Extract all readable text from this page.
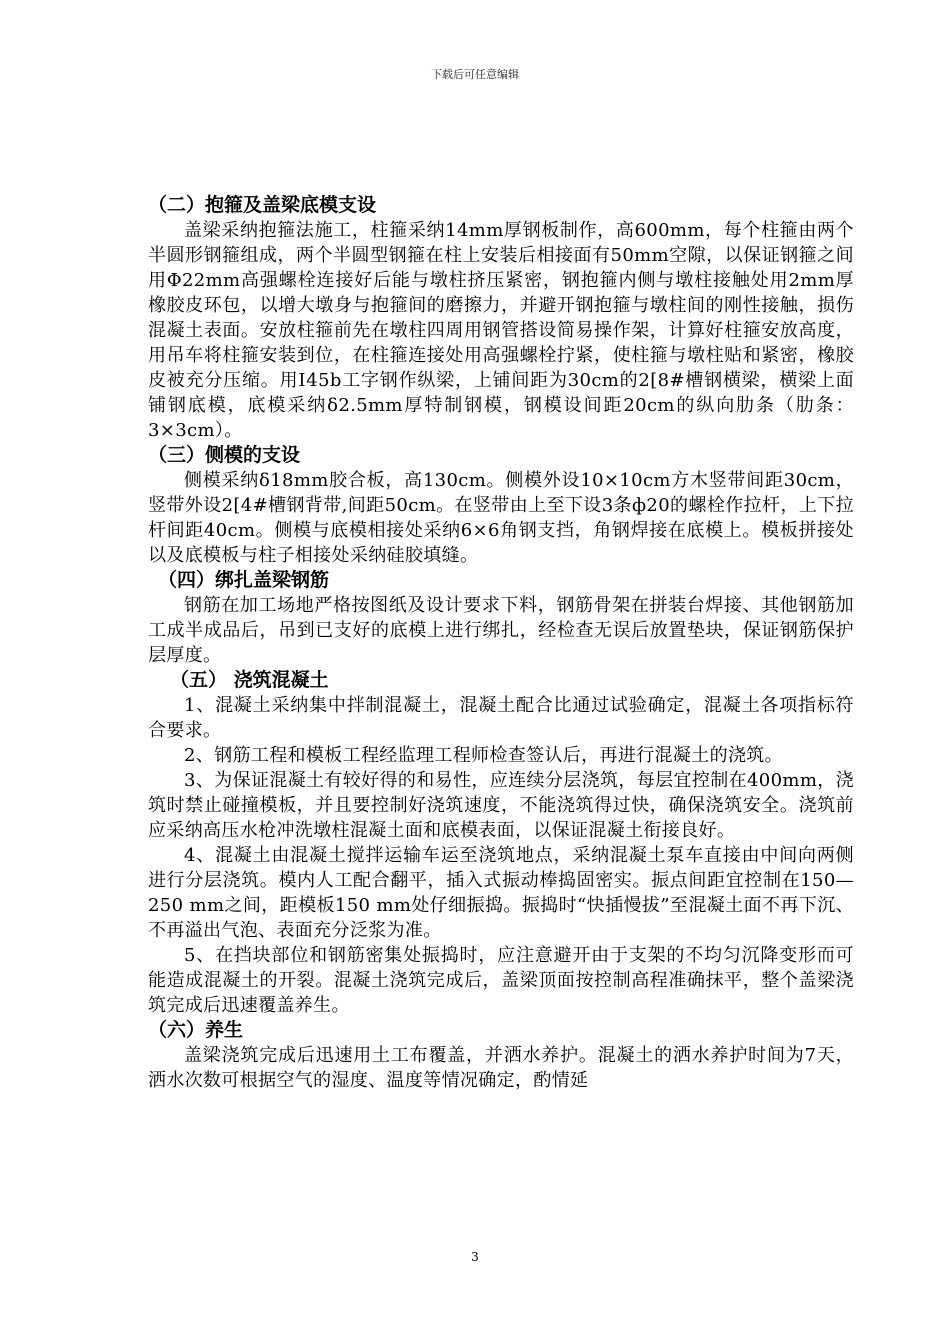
下载后可任意编辑
（二）抱箍及盖梁底模支设

盖梁采纳抱箍法施工，柱箍采纳14mm厚钢板制作，高600mm，每个柱箍由两个半圆形钢箍组成，两个半圆型钢箍在柱上安装后相接面有50mm空隙，以保证钢箍之间用Φ22mm高强螺栓连接好后能与墩柱挤压紧密，钢抱箍内侧与墩柱接触处用2mm厚橡胶皮环包，以增大墩身与抱箍间的磨擦力，并避开钢抱箍与墩柱间的刚性接触，损伤混凝土表面。安放柱箍前先在墩柱四周用钢管搭设简易操作架，计算好柱箍安放高度，用吊车将柱箍安装到位，在柱箍连接处用高强螺栓拧紧，使柱箍与墩柱贴和紧密，橡胶皮被充分压缩。用Ⅰ45b工字钢作纵梁，上铺间距为30cm的2[8#槽钢横梁，横梁上面铺钢底模，底模采纳δ2.5mm厚特制钢模，钢模设间距20cm的纵向肋条（肋条：3×3cm）。

（三）侧模的支设

侧模采纳δ18mm胶合板，高130cm。侧模外设10×10cm方木竖带间距30cm，竖带外设2[4#槽钢背带,间距50cm。在竖带由上至下设3条ф20的螺栓作拉杆，上下拉杆间距40cm。侧模与底模相接处采纳6×6角钢支挡，角钢焊接在底模上。模板拼接处以及底模板与柱子相接处采纳硅胶填缝。

（四）绑扎盖梁钢筋

钢筋在加工场地严格按图纸及设计要求下料，钢筋骨架在拼装台焊接、其他钢筋加工成半成品后，吊到已支好的底模上进行绑扎，经检查无误后放置垫块，保证钢筋保护层厚度。

（五） 浇筑混凝土

1、混凝土采纳集中拌制混凝土，混凝土配合比通过试验确定，混凝土各项指标符合要求。

2、钢筋工程和模板工程经监理工程师检查签认后，再进行混凝土的浇筑。

3、为保证混凝土有较好得的和易性，应连续分层浇筑，每层宜控制在400mm，浇筑时禁止碰撞模板，并且要控制好浇筑速度，不能浇筑得过快，确保浇筑安全。浇筑前应采纳高压水枪冲洗墩柱混凝土面和底模表面，以保证混凝土衔接良好。

4、混凝土由混凝土搅拌运输车运至浇筑地点，采纳混凝土泵车直接由中间向两侧进行分层浇筑。模内人工配合翻平，插入式振动棒捣固密实。振点间距宜控制在150—250 mm之间，距模板150 mm处仔细振捣。振捣时“快插慢拔”至混凝土面不再下沉、不再溢出气泡、表面充分泛浆为准。

5、在挡块部位和钢筋密集处振捣时，应注意避开由于支架的不均匀沉降变形而可能造成混凝土的开裂。混凝土浇筑完成后，盖梁顶面按控制高程准确抹平，整个盖梁浇筑完成后迅速覆盖养生。

（六）养生

盖梁浇筑完成后迅速用土工布覆盖，并洒水养护。混凝土的洒水养护时间为7天，洒水次数可根据空气的湿度、温度等情况确定，酌情延

3
